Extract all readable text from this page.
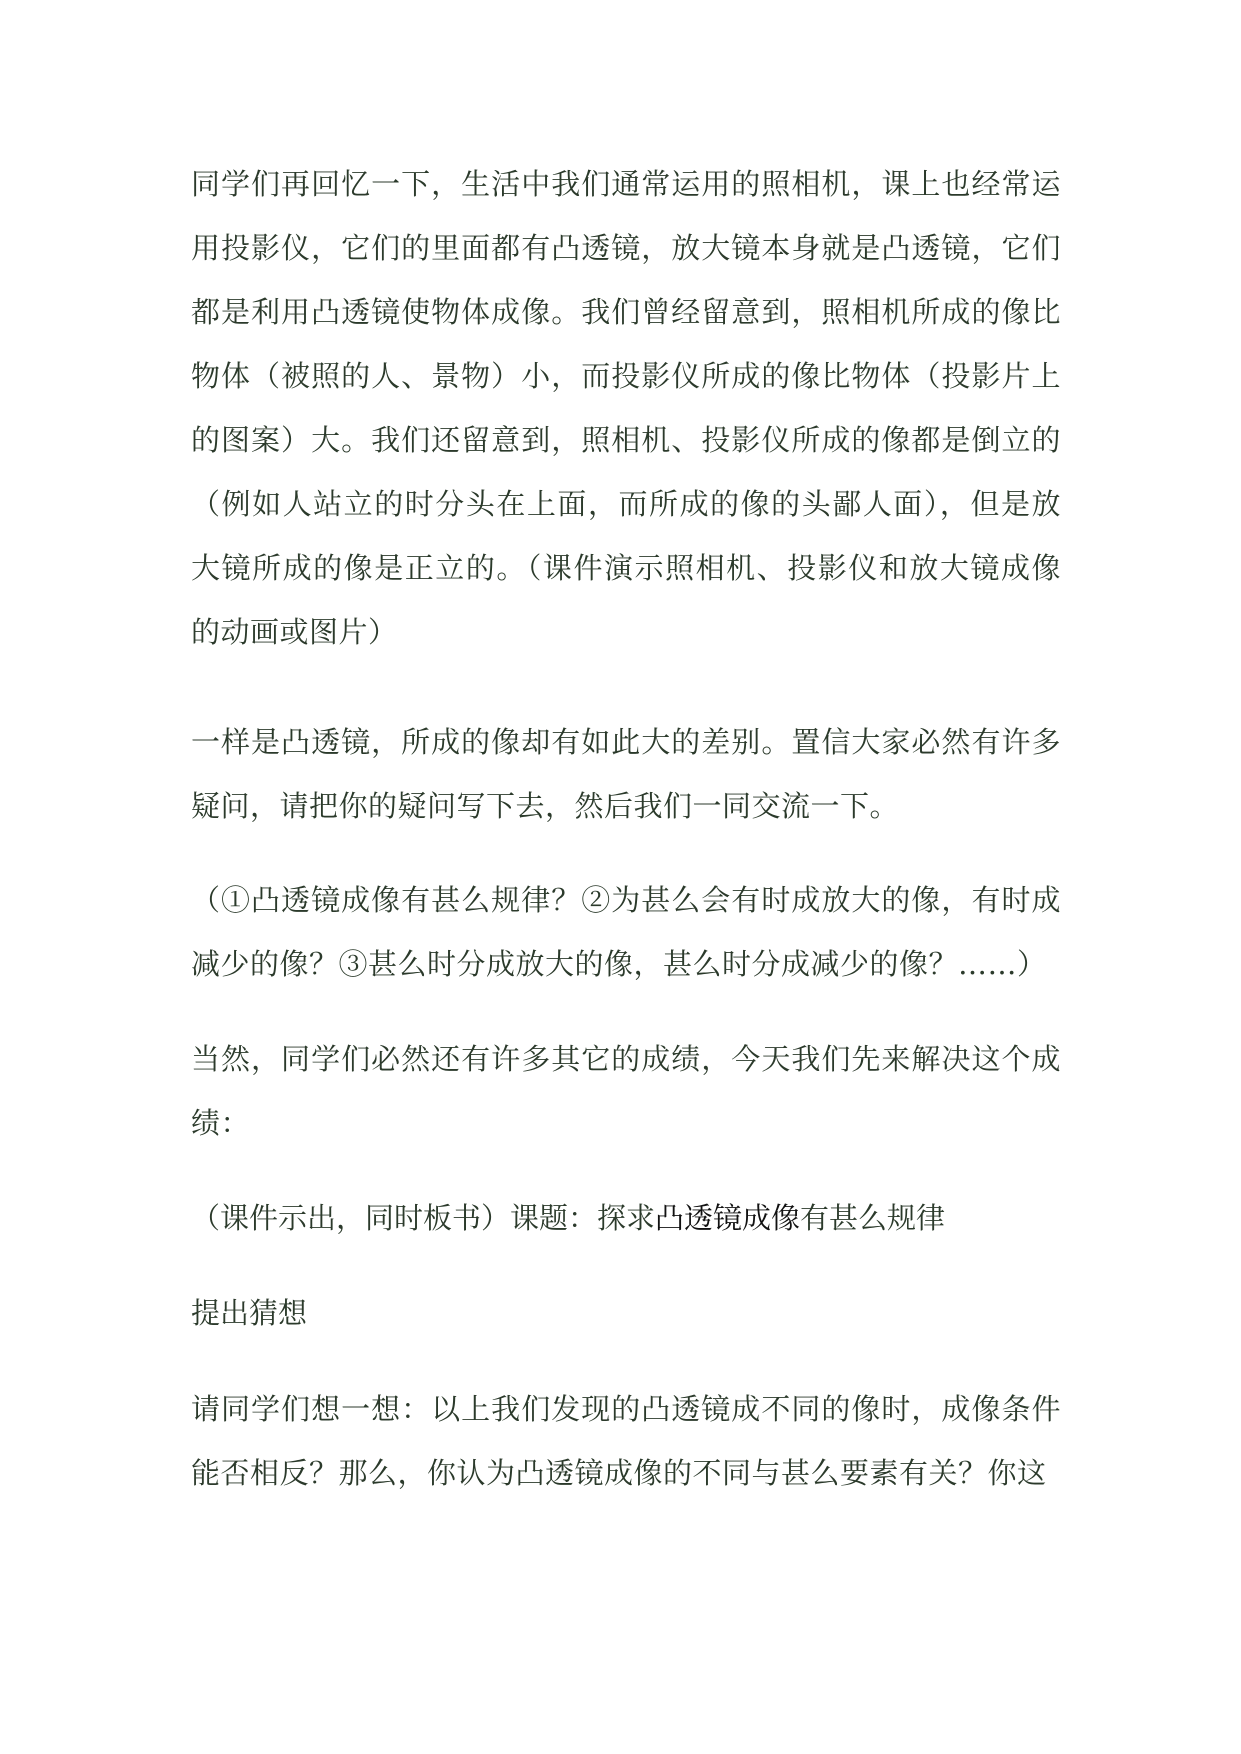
同学们再回忆一下，生活中我们通常运用的照相机，课上也经常运用投影仪，它们的里面都有凸透镜，放大镜本身就是凸透镜，它们都是利用凸透镜使物体成像。我们曾经留意到，照相机所成的像比物体（被照的人、景物）小，而投影仪所成的像比物体（投影片上的图案）大。我们还留意到，照相机、投影仪所成的像都是倒立的（例如人站立的时分头在上面，而所成的像的头鄙人面），但是放大镜所成的像是正立的。（课件演示照相机、投影仪和放大镜成像的动画或图片）

一样是凸透镜，所成的像却有如此大的差别。置信大家必然有许多疑问，请把你的疑问写下去，然后我们一同交流一下。

（①凸透镜成像有甚么规律？②为甚么会有时成放大的像，有时成减少的像？③甚么时分成放大的像，甚么时分成减少的像？……）

当然，同学们必然还有许多其它的成绩，今天我们先来解决这个成绩：

（课件示出，同时板书）课题：探求凸透镜成像有甚么规律

提出猜想

请同学们想一想：以上我们发现的凸透镜成不同的像时，成像条件能否相反？那么，你认为凸透镜成像的不同与甚么要素有关？你这
